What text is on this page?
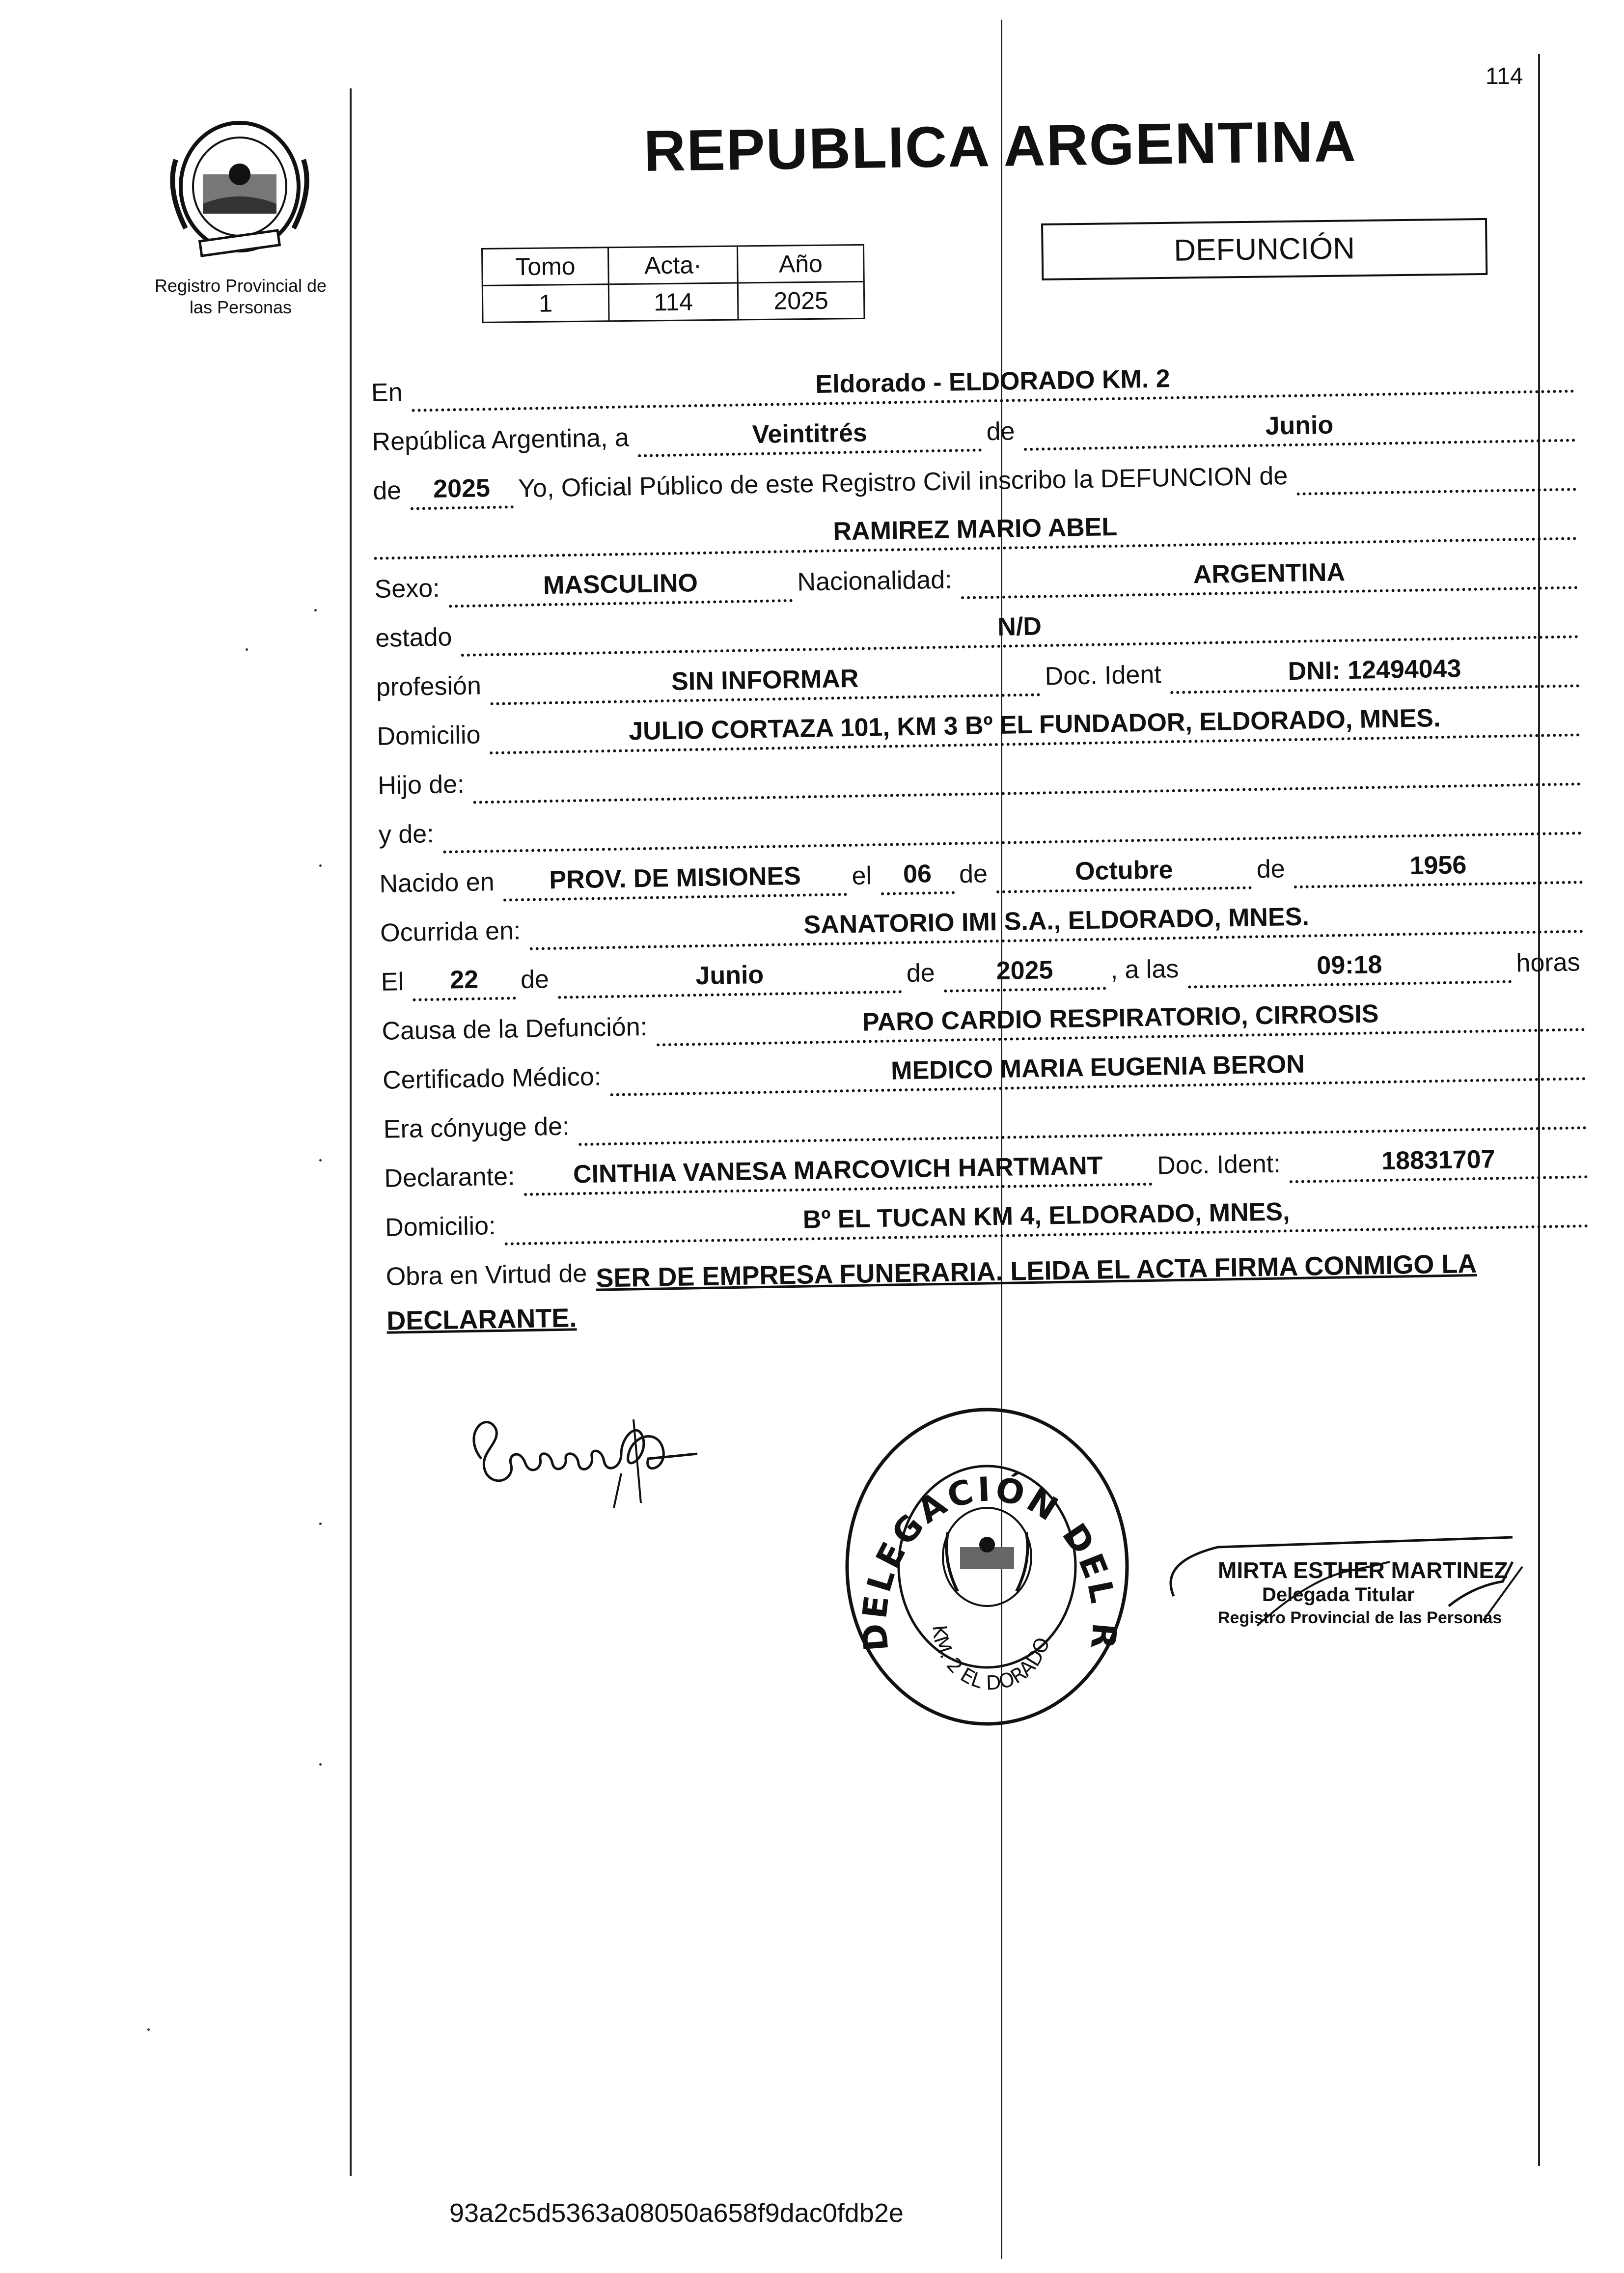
114
Registro Provincial de
las Personas
REPUBLICA ARGENTINA
Tomo	Acta·	Año
1	114	2025
DEFUNCIÓN
En	Eldorado - ELDORADO KM. 2
República Argentina, a	Veintitrés	de	Junio
de	2025	Yo, Oficial Público de este Registro Civil inscribo la DEFUNCION de
RAMIREZ MARIO ABEL
Sexo:	MASCULINO	Nacionalidad:	ARGENTINA
estado	N/D
profesión	SIN INFORMAR	Doc. Ident	DNI: 12494043
Domicilio	JULIO CORTAZA 101, KM 3 Bº EL FUNDADOR, ELDORADO, MNES.
Hijo de:
y de:
Nacido en	PROV. DE MISIONES	el	06	de	Octubre	de	1956
Ocurrida en:	SANATORIO IMI S.A., ELDORADO, MNES.
El	22	de	Junio	de	2025	, a las	09:18	horas
Causa de la Defunción:	PARO CARDIO RESPIRATORIO, CIRROSIS
Certificado Médico:	MEDICO MARIA EUGENIA BERON
Era cónyuge de:
Declarante:	CINTHIA VANESA MARCOVICH HARTMANT	Doc. Ident:	18831707
Domicilio:	Bº EL TUCAN KM 4, ELDORADO, MNES,
Obra en Virtud de SER DE EMPRESA FUNERARIA. LEIDA EL ACTA FIRMA CONMIGO LA
DECLARANTE.
DELEGACIÓN DEL R
KM. 2 EL DORADO
MIRTA ESTHER MARTINEZ
Delegada Titular
Registro Provincial de las Personas
93a2c5d5363a08050a658f9dac0fdb2e
